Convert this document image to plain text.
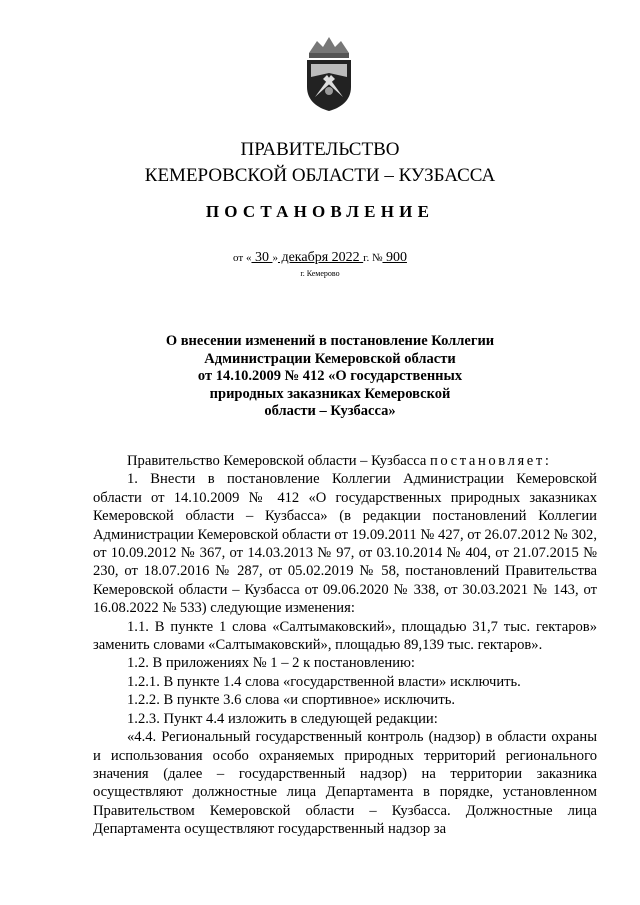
ПРАВИТЕЛЬСТВО
КЕМЕРОВСКОЙ ОБЛАСТИ – КУЗБАССА
ПОСТАНОВЛЕНИЕ
от « 30 » декабря 2022 г. № 900
г. Кемерово
О внесении изменений в постановление Коллегии
Администрации Кемеровской области
от 14.10.2009 № 412 «О государственных
природных заказниках Кемеровской
области – Кузбасса»

Правительство Кемеровской области – Кузбасса постановляет:

1. Внести в постановление Коллегии Администрации Кемеровской области от 14.10.2009 № 412 «О государственных природных заказниках Кемеровской области – Кузбасса» (в редакции постановлений Коллегии Администрации Кемеровской области от 19.09.2011 № 427, от 26.07.2012 № 302, от 10.09.2012 № 367, от 14.03.2013 № 97, от 03.10.2014 № 404, от 21.07.2015 № 230, от 18.07.2016 № 287, от 05.02.2019 № 58, постановлений Правительства Кемеровской области – Кузбасса от 09.06.2020 № 338, от 30.03.2021 № 143, от 16.08.2022 № 533) следующие изменения:

1.1. В пункте 1 слова «Салтымаковский», площадью 31,7 тыс. гектаров» заменить словами «Салтымаковский», площадью 89,139 тыс. гектаров».

1.2. В приложениях № 1 – 2 к постановлению:

1.2.1. В пункте 1.4 слова «государственной власти» исключить.

1.2.2. В пункте 3.6 слова «и спортивное» исключить.

1.2.3. Пункт 4.4 изложить в следующей редакции:

«4.4. Региональный государственный контроль (надзор) в области охраны и использования особо охраняемых природных территорий регионального значения (далее – государственный надзор) на территории заказника осуществляют должностные лица Департамента в порядке, установленном Правительством Кемеровской области – Кузбасса. Должностные лица Департамента осуществляют государственный надзор за
